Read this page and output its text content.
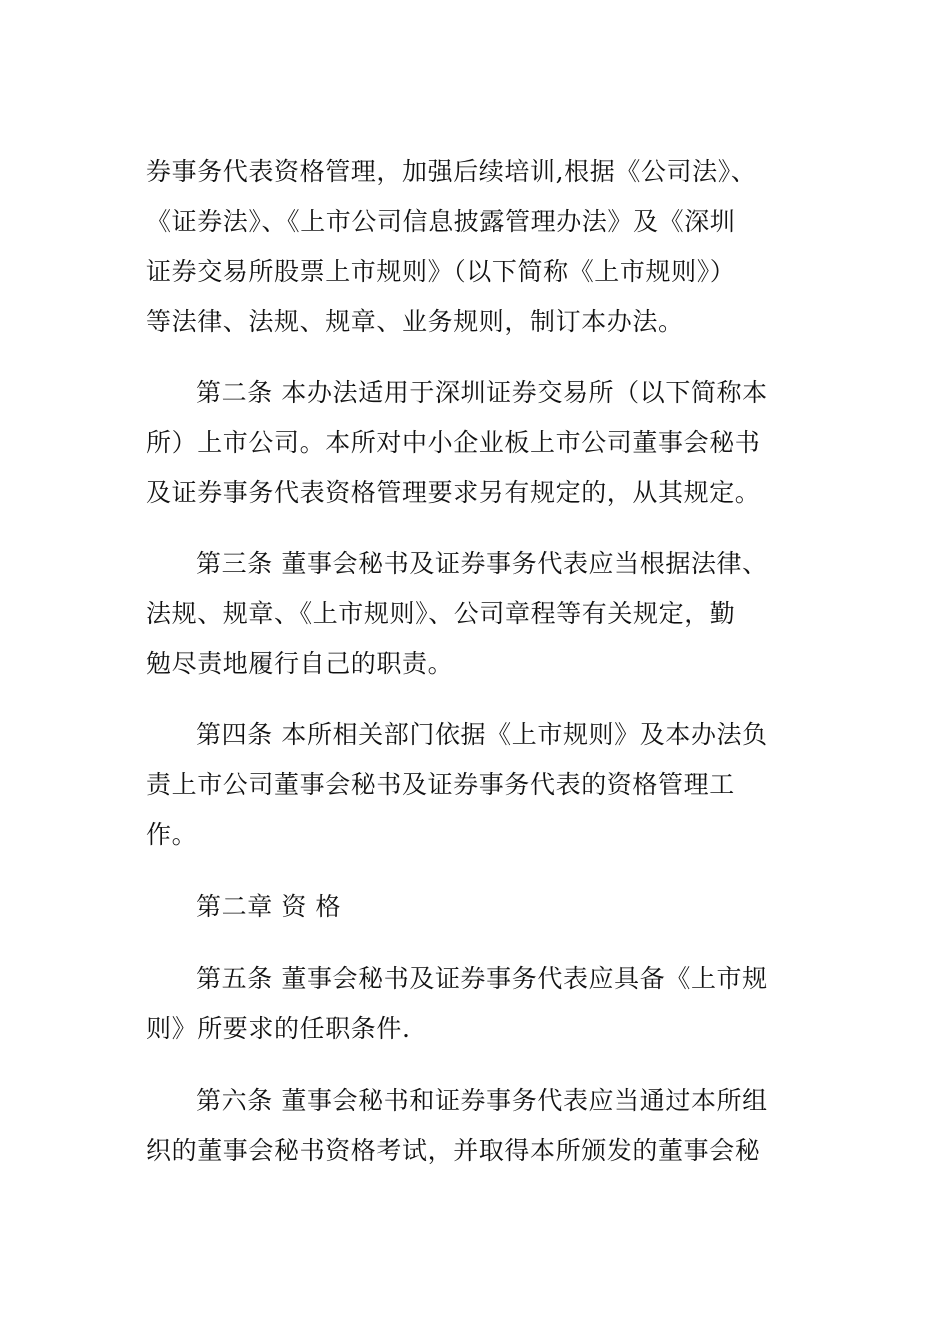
券事务代表资格管理，加强后续培训,根据《公司法》、
《证券法》、《上市公司信息披露管理办法》及《深圳
证券交易所股票上市规则》（以下简称《上市规则》）
等法律、法规、规章、业务规则，制订本办法。
第二条 本办法适用于深圳证券交易所（以下简称本
所）上市公司。本所对中小企业板上市公司董事会秘书
及证券事务代表资格管理要求另有规定的，从其规定。
第三条 董事会秘书及证券事务代表应当根据法律、
法规、规章、《上市规则》、公司章程等有关规定，勤
勉尽责地履行自己的职责。
第四条 本所相关部门依据《上市规则》及本办法负
责上市公司董事会秘书及证券事务代表的资格管理工
作。
第二章 资 格
第五条 董事会秘书及证券事务代表应具备《上市规
则》所要求的任职条件.
第六条 董事会秘书和证券事务代表应当通过本所组
织的董事会秘书资格考试，并取得本所颁发的董事会秘
